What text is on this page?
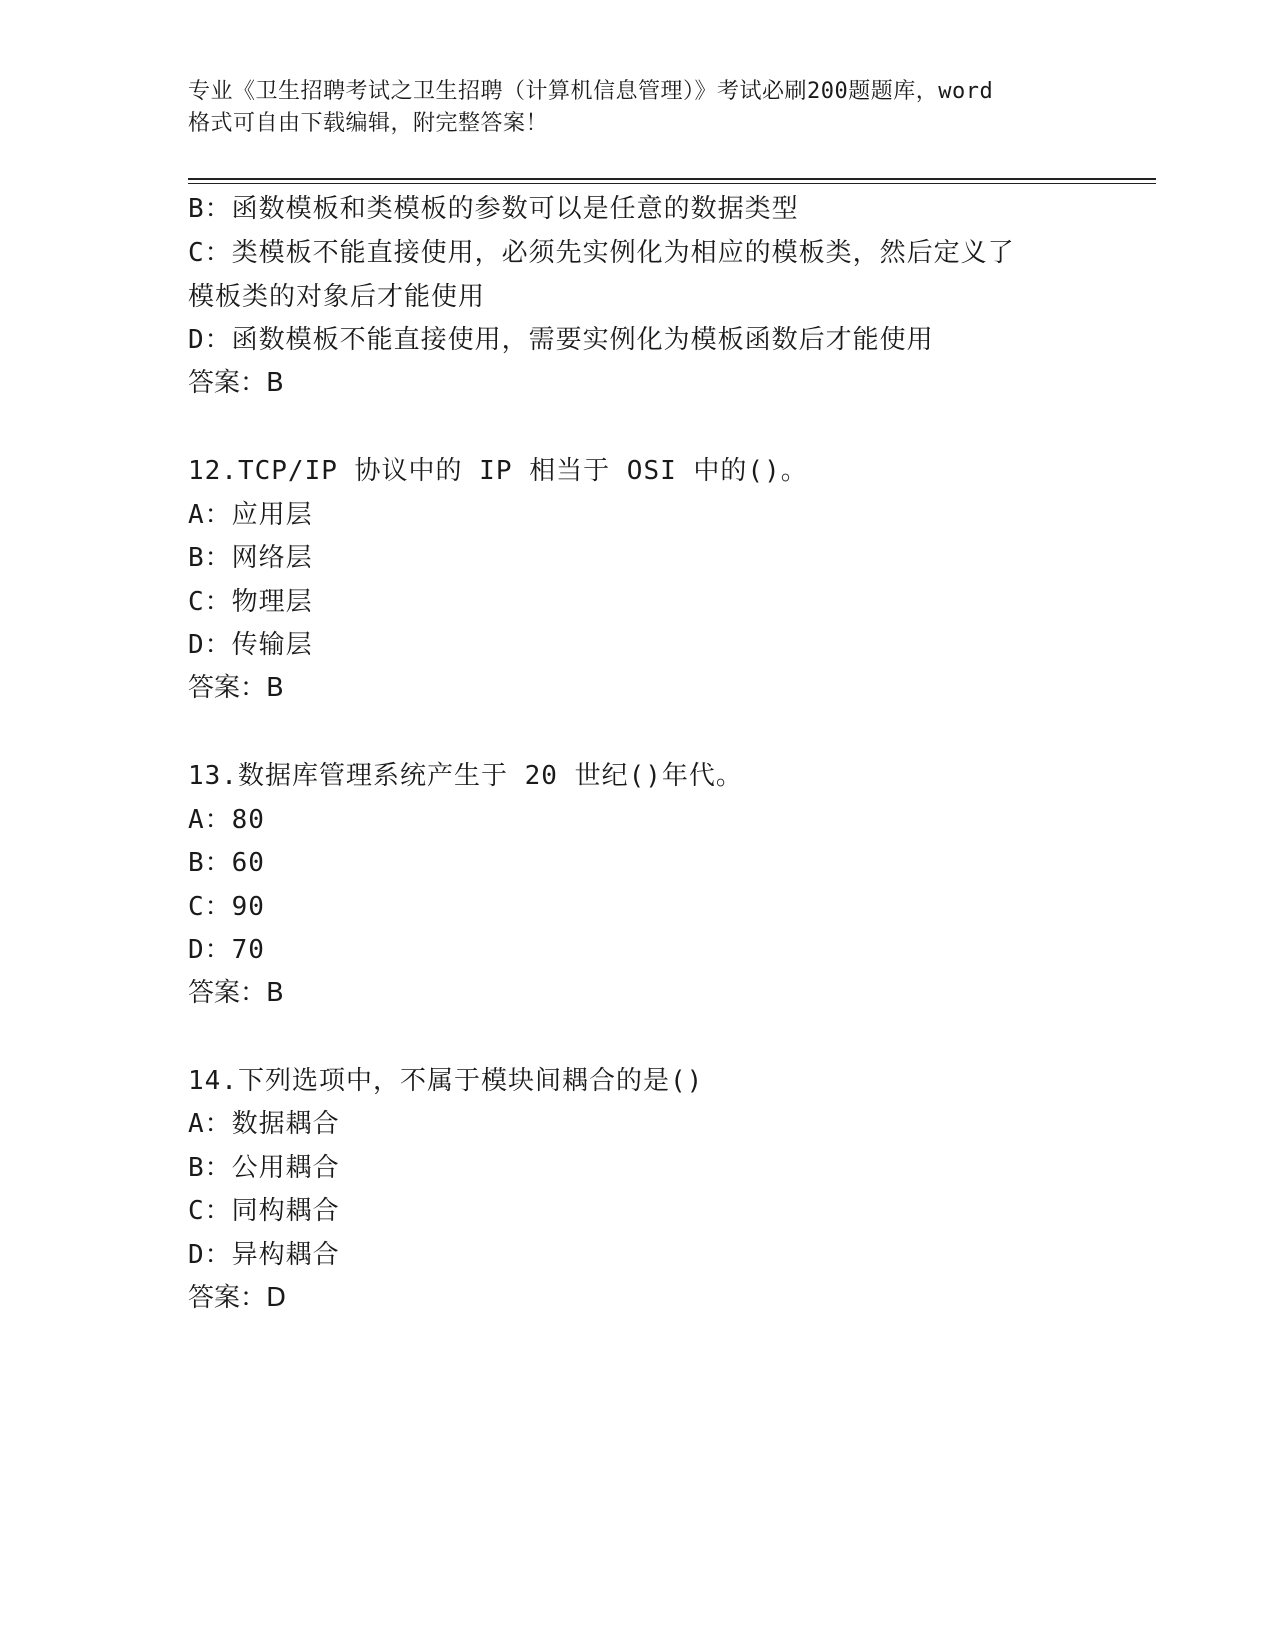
专业《卫生招聘考试之卫生招聘（计算机信息管理）》考试必刷200题题库，word
格式可自由下载编辑，附完整答案！
B：函数模板和类模板的参数可以是任意的数据类型
C：类模板不能直接使用，必须先实例化为相应的模板类，然后定义了
模板类的对象后才能使用
D：函数模板不能直接使用，需要实例化为模板函数后才能使用
答案：B
12.TCP/IP 协议中的 IP 相当于 OSI 中的()。
A：应用层
B：网络层
C：物理层
D：传输层
答案：B
13.数据库管理系统产生于 20 世纪()年代。
A：80
B：60
C：90
D：70
答案：B
14.下列选项中，不属于模块间耦合的是()
A：数据耦合
B：公用耦合
C：同构耦合
D：异构耦合
答案：D
